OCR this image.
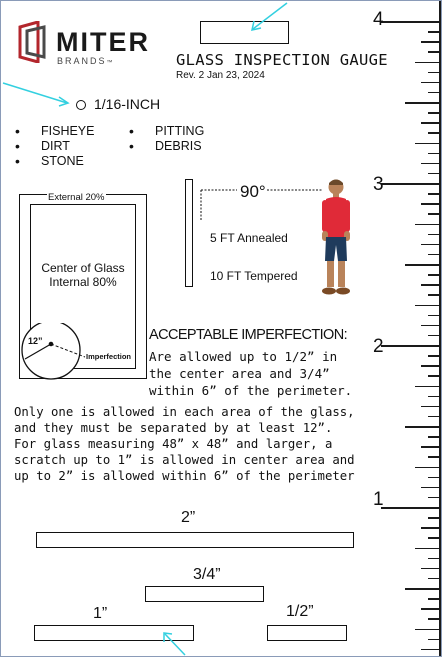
MITER
BRANDS™	GLASS INSPECTION GAUGE
Rev. 2 Jan 23, 2024
1/16-INCH
• FISHEYE
• DIRT
• STONE
• PITTING
• DEBRIS
External 20%
Center of Glass
Internal 80%
12”
Imperfection
90°
5 FT Annealed
10 FT Tempered
ACCEPTABLE IMPERFECTION:
Are allowed up to 1/2” in
the center area and 3/4”
within 6” of the perimeter.
Only one is allowed in each area of the glass,
and they must be separated by at least 12”.
For glass measuring 48” x 48” and larger, a
scratch up to 1” is allowed in center area and
up to 2” is allowed within 6” of the perimeter
2”
3/4”
1”	1/2”
4
3
2
1
